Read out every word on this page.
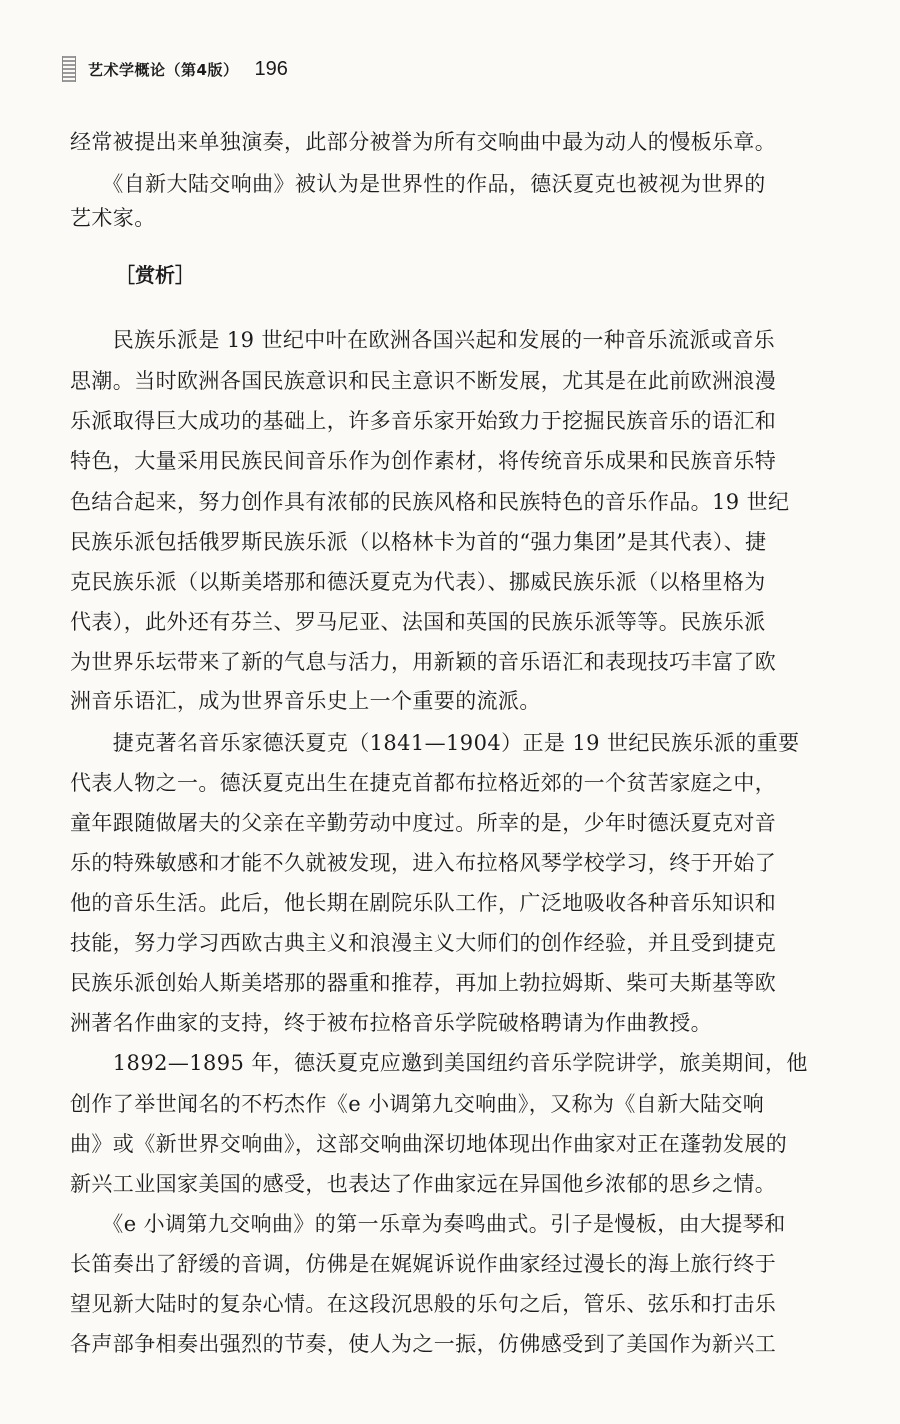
艺术学概论（第4版） 196
经常被提出来单独演奏，此部分被誉为所有交响曲中最为动人的慢板乐章。
　　《自新大陆交响曲》被认为是世界性的作品，德沃夏克也被视为世界的
艺术家。
［赏析］
　　民族乐派是 19 世纪中叶在欧洲各国兴起和发展的一种音乐流派或音乐
思潮。当时欧洲各国民族意识和民主意识不断发展，尤其是在此前欧洲浪漫
乐派取得巨大成功的基础上，许多音乐家开始致力于挖掘民族音乐的语汇和
特色，大量采用民族民间音乐作为创作素材，将传统音乐成果和民族音乐特
色结合起来，努力创作具有浓郁的民族风格和民族特色的音乐作品。19 世纪
民族乐派包括俄罗斯民族乐派（以格林卡为首的“强力集团”是其代表）、捷
克民族乐派（以斯美塔那和德沃夏克为代表）、挪威民族乐派（以格里格为
代表），此外还有芬兰、罗马尼亚、法国和英国的民族乐派等等。民族乐派
为世界乐坛带来了新的气息与活力，用新颖的音乐语汇和表现技巧丰富了欧
洲音乐语汇，成为世界音乐史上一个重要的流派。
　　捷克著名音乐家德沃夏克（1841—1904）正是 19 世纪民族乐派的重要
代表人物之一。德沃夏克出生在捷克首都布拉格近郊的一个贫苦家庭之中，
童年跟随做屠夫的父亲在辛勤劳动中度过。所幸的是，少年时德沃夏克对音
乐的特殊敏感和才能不久就被发现，进入布拉格风琴学校学习，终于开始了
他的音乐生活。此后，他长期在剧院乐队工作，广泛地吸收各种音乐知识和
技能，努力学习西欧古典主义和浪漫主义大师们的创作经验，并且受到捷克
民族乐派创始人斯美塔那的器重和推荐，再加上勃拉姆斯、柴可夫斯基等欧
洲著名作曲家的支持，终于被布拉格音乐学院破格聘请为作曲教授。
　　1892—1895 年，德沃夏克应邀到美国纽约音乐学院讲学，旅美期间，他
创作了举世闻名的不朽杰作《e 小调第九交响曲》，又称为《自新大陆交响
曲》或《新世界交响曲》，这部交响曲深切地体现出作曲家对正在蓬勃发展的
新兴工业国家美国的感受，也表达了作曲家远在异国他乡浓郁的思乡之情。
　　《e 小调第九交响曲》的第一乐章为奏鸣曲式。引子是慢板，由大提琴和
长笛奏出了舒缓的音调，仿佛是在娓娓诉说作曲家经过漫长的海上旅行终于
望见新大陆时的复杂心情。在这段沉思般的乐句之后，管乐、弦乐和打击乐
各声部争相奏出强烈的节奏，使人为之一振，仿佛感受到了美国作为新兴工
